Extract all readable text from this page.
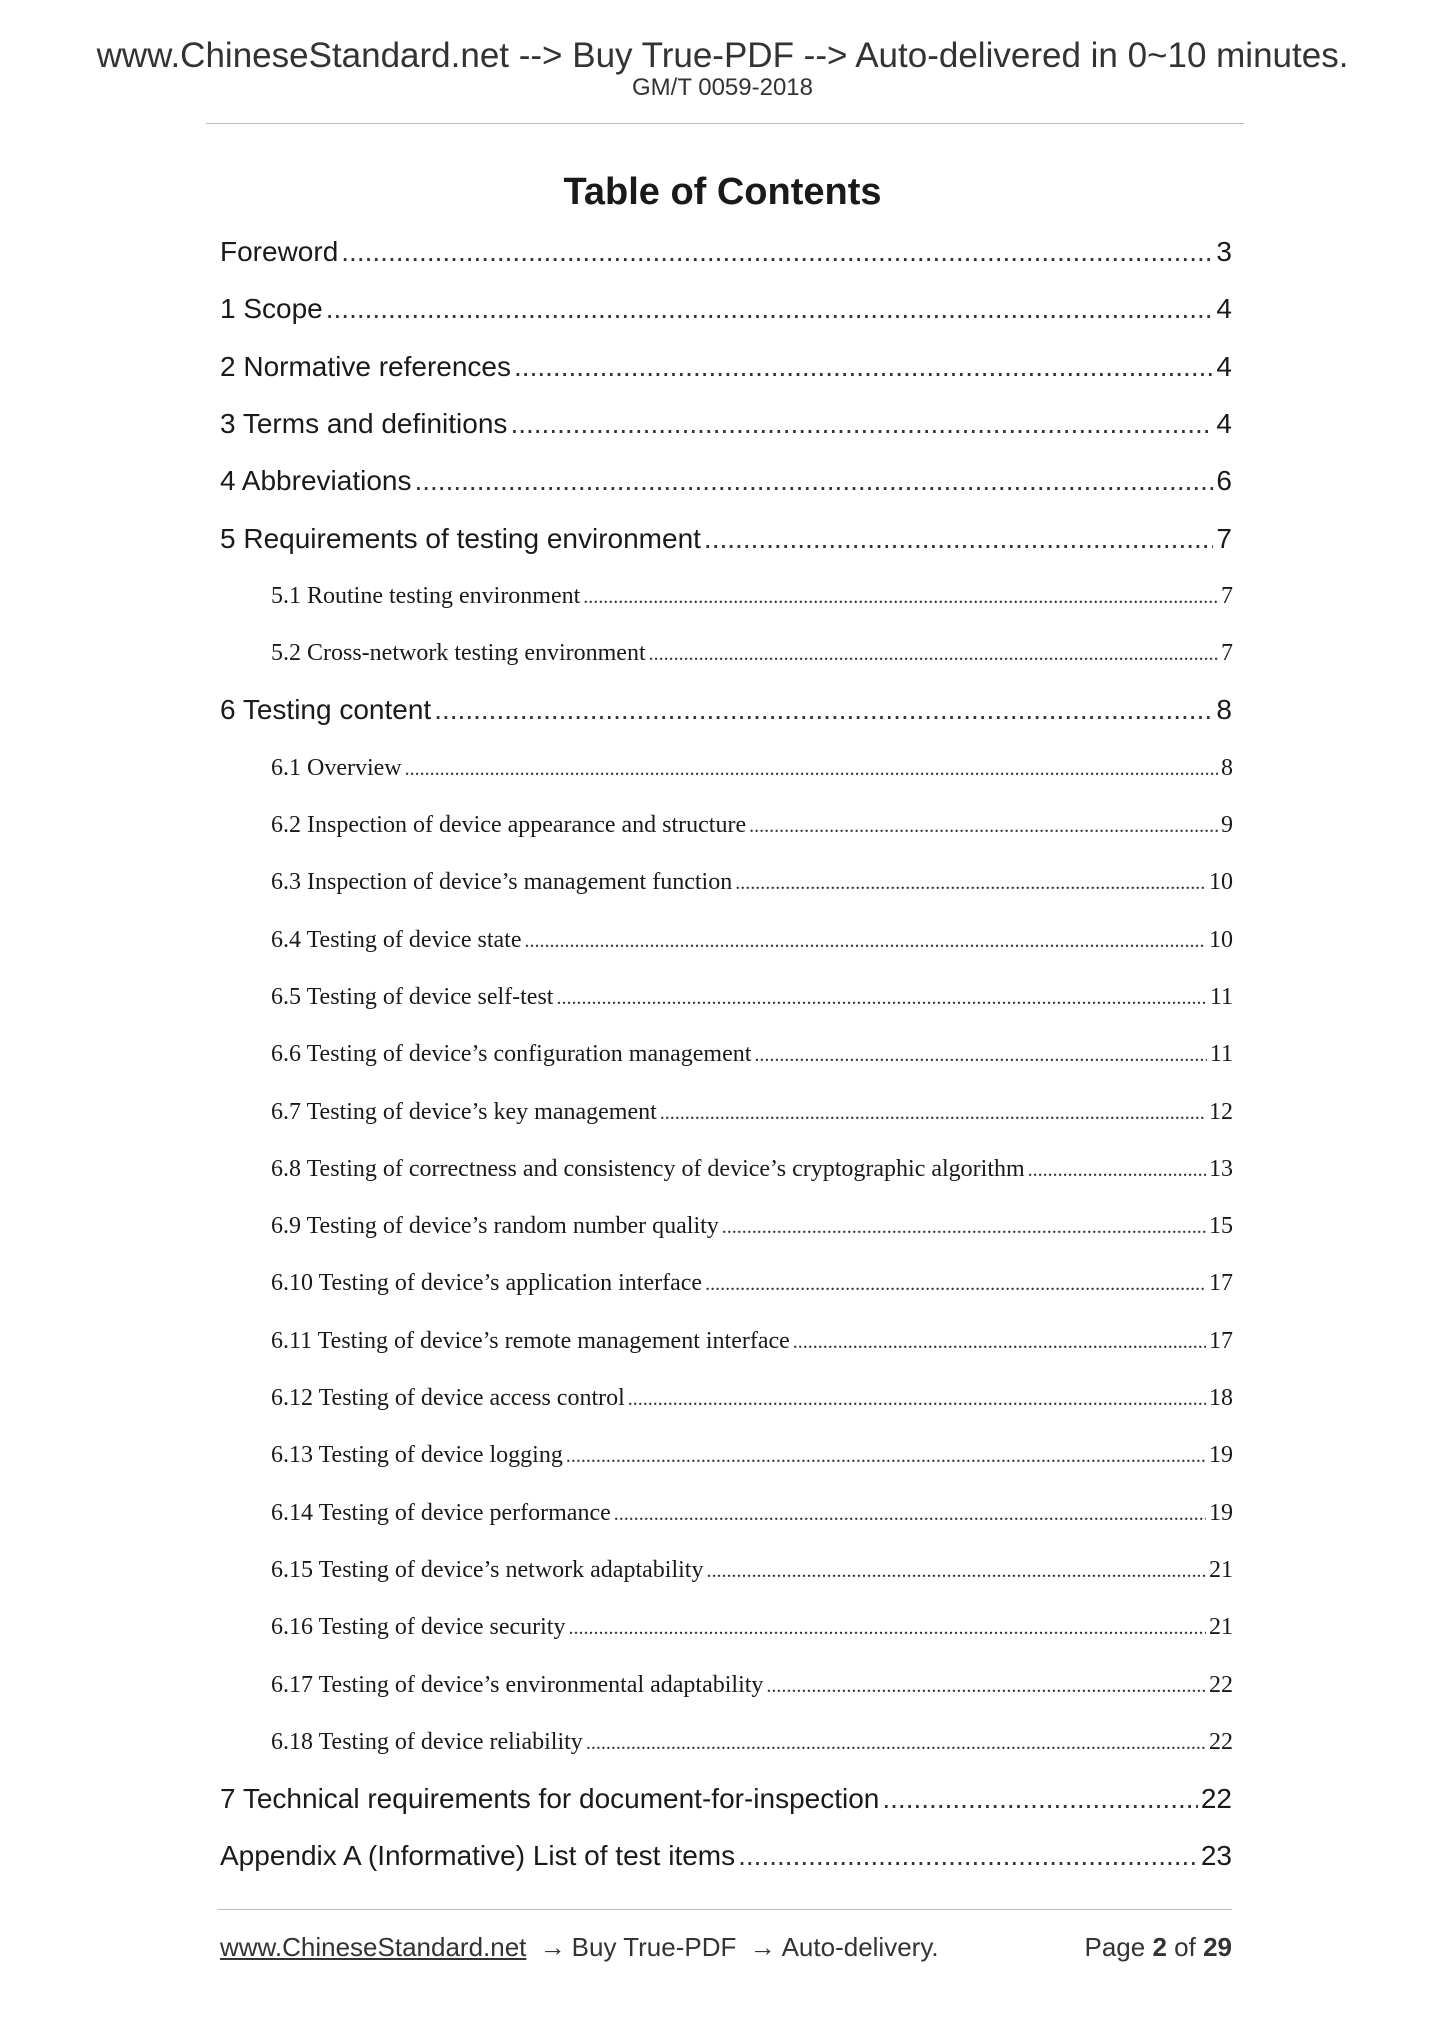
www.ChineseStandard.net --> Buy True-PDF --> Auto-delivered in 0~10 minutes.
GM/T 0059-2018
Table of Contents
Foreword .....	3
1 Scope .....	4
2 Normative references .....	4
3 Terms and definitions .....	4
4 Abbreviations .....	6
5 Requirements of testing environment .....	7
5.1 Routine testing environment .....	7
5.2 Cross-network testing environment .....	7
6 Testing content .....	8
6.1 Overview .....	8
6.2 Inspection of device appearance and structure .....	9
6.3 Inspection of device’s management function .....	10
6.4 Testing of device state .....	10
6.5 Testing of device self-test .....	11
6.6 Testing of device’s configuration management .....	11
6.7 Testing of device’s key management .....	12
6.8 Testing of correctness and consistency of device’s cryptographic algorithm .....	13
6.9 Testing of device’s random number quality .....	15
6.10 Testing of device’s application interface .....	17
6.11 Testing of device’s remote management interface .....	17
6.12 Testing of device access control .....	18
6.13 Testing of device logging .....	19
6.14 Testing of device performance .....	19
6.15 Testing of device’s network adaptability .....	21
6.16 Testing of device security .....	21
6.17 Testing of device’s environmental adaptability .....	22
6.18 Testing of device reliability .....	22
7 Technical requirements for document-for-inspection .....	22
Appendix A (Informative) List of test items .....	23
www.ChineseStandard.net → Buy True-PDF → Auto-delivery.	Page 2 of 29
